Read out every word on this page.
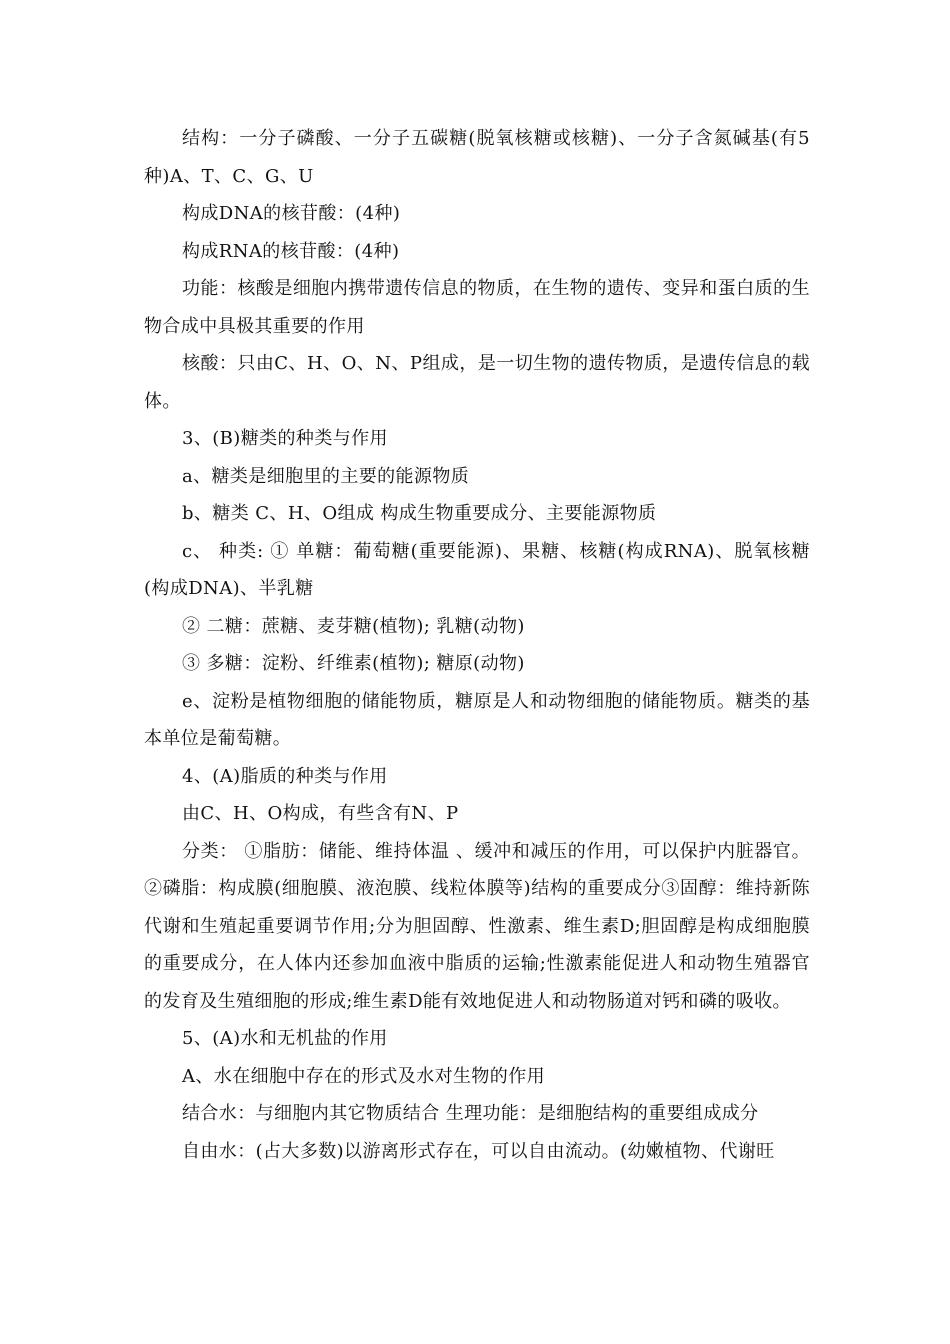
结构：一分子磷酸、一分子五碳糖(脱氧核糖或核糖)、一分子含氮碱基(有5种)A、T、C、G、U

构成DNA的核苷酸：(4种)

构成RNA的核苷酸：(4种)

功能：核酸是细胞内携带遗传信息的物质，在生物的遗传、变异和蛋白质的生物合成中具极其重要的作用

核酸：只由C、H、O、N、P组成，是一切生物的遗传物质，是遗传信息的载体。

3、(B)糖类的种类与作用

a、糖类是细胞里的主要的能源物质

b、糖类 C、H、O组成 构成生物重要成分、主要能源物质

c、 种类: ① 单糖：葡萄糖(重要能源)、果糖、核糖(构成RNA)、脱氧核糖(构成DNA)、半乳糖

② 二糖：蔗糖、麦芽糖(植物); 乳糖(动物)

③ 多糖：淀粉、纤维素(植物); 糖原(动物)

e、淀粉是植物细胞的储能物质，糖原是人和动物细胞的储能物质。糖类的基本单位是葡萄糖。

4、(A)脂质的种类与作用

由C、H、O构成，有些含有N、P

分类： ①脂肪：储能、维持体温 、缓冲和减压的作用，可以保护内脏器官。②磷脂：构成膜(细胞膜、液泡膜、线粒体膜等)结构的重要成分③固醇：维持新陈代谢和生殖起重要调节作用;分为胆固醇、性激素、维生素D;胆固醇是构成细胞膜的重要成分，在人体内还参加血液中脂质的运输;性激素能促进人和动物生殖器官的发育及生殖细胞的形成;维生素D能有效地促进人和动物肠道对钙和磷的吸收。

5、(A)水和无机盐的作用

A、水在细胞中存在的形式及水对生物的作用

结合水：与细胞内其它物质结合 生理功能：是细胞结构的重要组成成分

自由水：(占大多数)以游离形式存在，可以自由流动。(幼嫩植物、代谢旺
